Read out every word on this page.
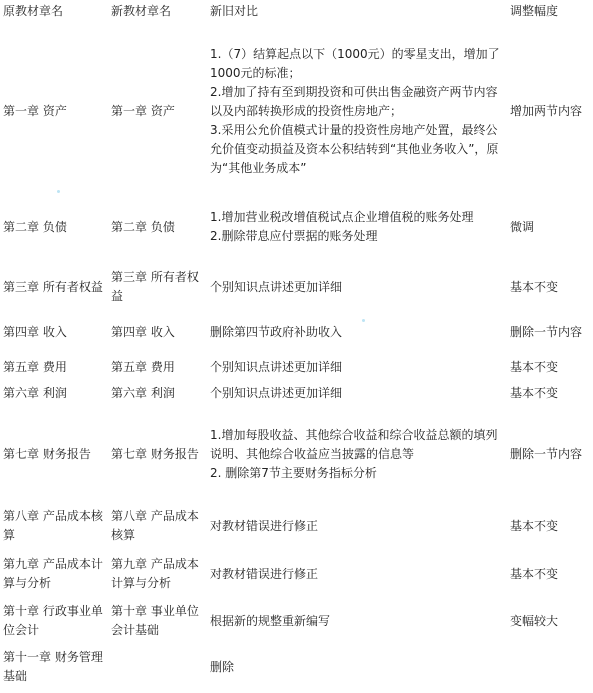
原教材章名	新教材章名	新旧对比	调整幅度
第一章 资产	第一章 资产	1.（7）结算起点以下（1000元）的零星支出，增加了1000元的标准；
2.增加了持有至到期投资和可供出售金融资产两节内容以及内部转换形成的投资性房地产；
3.采用公允价值模式计量的投资性房地产处置，最终公允价值变动损益及资本公积结转到“其他业务收入”，原为“其他业务成本”	增加两节内容
第二章 负债	第二章 负债	1.增加营业税改增值税试点企业增值税的账务处理
2.删除带息应付票据的账务处理	微调
第三章 所有者权益	第三章 所有者权益	个别知识点讲述更加详细	基本不变
第四章 收入	第四章 收入	删除第四节政府补助收入	删除一节内容
第五章 费用	第五章 费用	个别知识点讲述更加详细	基本不变
第六章 利润	第六章 利润	个别知识点讲述更加详细	基本不变
第七章 财务报告	第七章 财务报告	1.增加每股收益、其他综合收益和综合收益总额的填列说明、其他综合收益应当披露的信息等
2. 删除第7节主要财务指标分析	删除一节内容
第八章 产品成本核算	第八章 产品成本核算	对教材错误进行修正	基本不变
第九章 产品成本计算与分析	第九章 产品成本计算与分析	对教材错误进行修正	基本不变
第十章 行政事业单位会计	第十章 事业单位会计基础	根据新的规整重新编写	变幅较大
第十一章 财务管理基础		删除	
